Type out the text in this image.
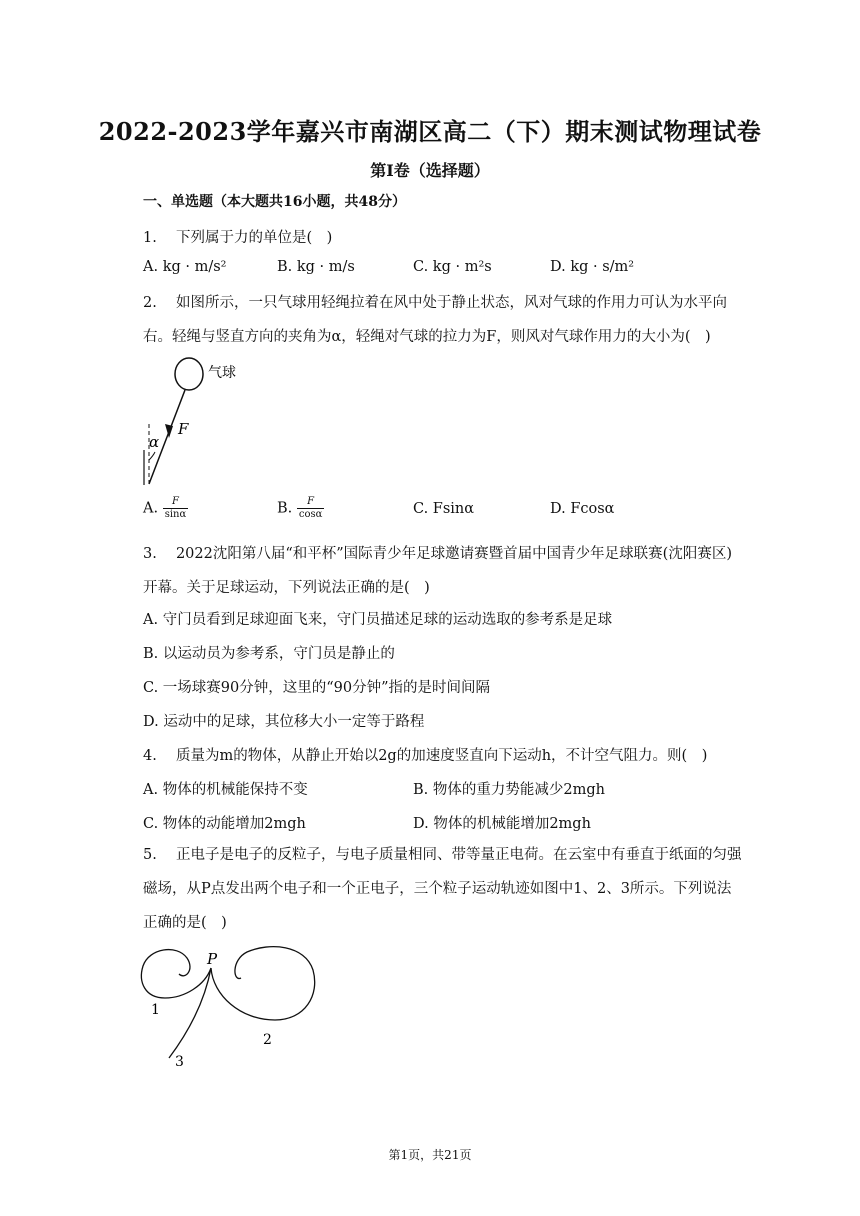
2022-2023学年嘉兴市南湖区高二（下）期末测试物理试卷
第I卷（选择题）
一、单选题（本大题共16小题，共48分）
1.　 下列属于力的单位是(　)
A. kg · m/s²	B. kg · m/s	C. kg · m²s	D. kg · s/m²
2.　 如图所示，一只气球用轻绳拉着在风中处于静止状态，风对气球的作用力可认为水平向右。轻绳与竖直方向的夹角为α，轻绳对气球的拉力为F，则风对气球作用力的大小为(　)
气球
F
α
A. $\frac{F}{\sin\alpha}$	B. $\frac{F}{\cos\alpha}$	C. Fsinα	D. Fcosα
3.　 2022沈阳第八届“和平杯”国际青少年足球邀请赛暨首届中国青少年足球联赛(沈阳赛区)开幕。关于足球运动，下列说法正确的是(　)
A. 守门员看到足球迎面飞来，守门员描述足球的运动选取的参考系是足球
B. 以运动员为参考系，守门员是静止的
C. 一场球赛90分钟，这里的“90分钟”指的是时间间隔
D. 运动中的足球，其位移大小一定等于路程
4.　 质量为m的物体，从静止开始以2g的加速度竖直向下运动h，不计空气阻力。则(　)
A. 物体的机械能保持不变	B. 物体的重力势能减少2mgh
C. 物体的动能增加2mgh	D. 物体的机械能增加2mgh
5.　 正电子是电子的反粒子，与电子质量相同、带等量正电荷。在云室中有垂直于纸面的匀强磁场，从P点发出两个电子和一个正电子，三个粒子运动轨迹如图中1、2、3所示。下列说法正确的是(　)
P
1
2
3
第1页，共21页
